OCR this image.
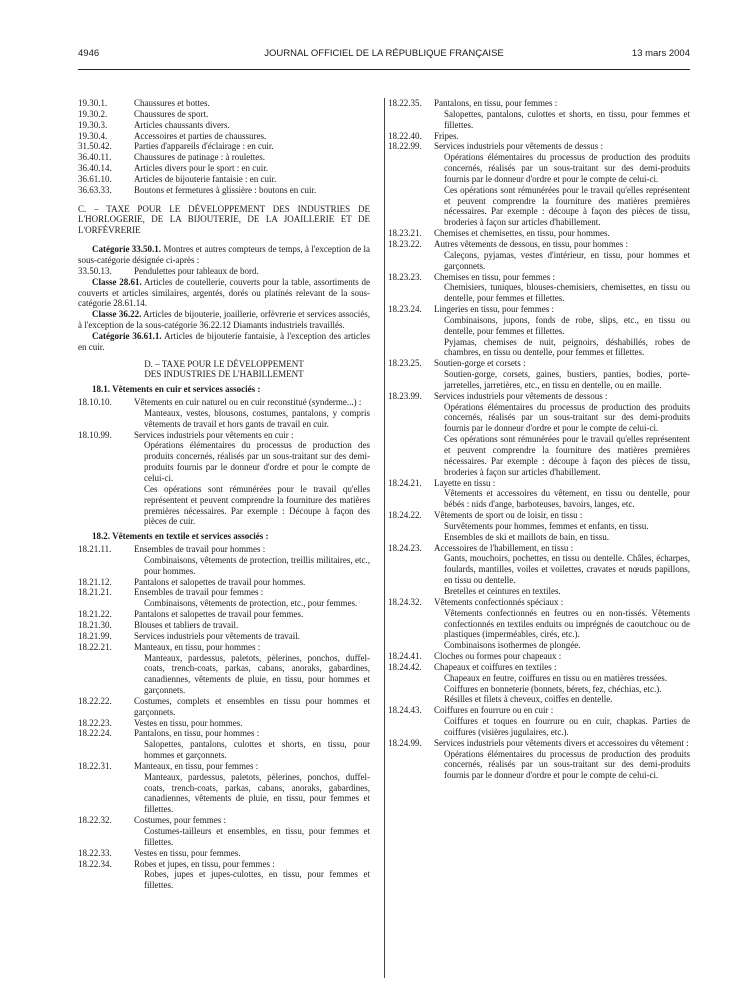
4946	JOURNAL OFFICIEL DE LA RÉPUBLIQUE FRANÇAISE	13 mars 2004
19.30.1.	Chaussures et bottes.
19.30.2.	Chaussures de sport.
19.30.3.	Articles chaussants divers.
19.30.4.	Accessoires et parties de chaussures.
31.50.42.	Parties d'appareils d'éclairage : en cuir.
36.40.11.	Chaussures de patinage : à roulettes.
36.40.14.	Articles divers pour le sport : en cuir.
36.61.10.	Articles de bijouterie fantaisie : en cuir.
36.63.33.	Boutons et fermetures à glissière : boutons en cuir.
C. – TAXE POUR LE DÉVELOPPEMENT DES INDUSTRIES DE L'HORLOGERIE, DE LA BIJOUTERIE, DE LA JOAILLERIE ET DE L'ORFÈVRERIE
Catégorie 33.50.1. Montres et autres compteurs de temps, à l'exception de la sous-catégorie désignée ci-après :
33.50.13.	Pendulettes pour tableaux de bord.
Classe 28.61. Articles de coutellerie, couverts pour la table, assortiments de couverts et articles similaires, argentés, dorés ou platinés relevant de la sous-catégorie 28.61.14.
Classe 36.22. Articles de bijouterie, joaillerie, orfèvrerie et services associés, à l'exception de la sous-catégorie 36.22.12 Diamants industriels travaillés.
Catégorie 36.61.1. Articles de bijouterie fantaisie, à l'exception des articles en cuir.
D. – TAXE POUR LE DÉVELOPPEMENT
DES INDUSTRIES DE L'HABILLEMENT
18.1. Vêtements en cuir et services associés :
18.10.10.	Vêtements en cuir naturel ou en cuir reconstitué (synderme...) :
Manteaux, vestes, blousons, costumes, pantalons, y compris vêtements de travail et hors gants de travail en cuir.
18.10.99.	Services industriels pour vêtements en cuir :
Opérations élémentaires du processus de production des produits concernés, réalisés par un sous-traitant sur des demi-produits fournis par le donneur d'ordre et pour le compte de celui-ci.
Ces opérations sont rémunérées pour le travail qu'elles représentent et peuvent comprendre la fourniture des matières premières nécessaires. Par exemple : Découpe à façon des pièces de cuir.
18.2. Vêtements en textile et services associés :
18.21.11.	Ensembles de travail pour hommes :
Combinaisons, vêtements de protection, treillis militaires, etc., pour hommes.
18.21.12.	Pantalons et salopettes de travail pour hommes.
18.21.21.	Ensembles de travail pour femmes :
Combinaisons, vêtements de protection, etc., pour femmes.
18.21.22.	Pantalons et salopettes de travail pour femmes.
18.21.30.	Blouses et tabliers de travail.
18.21.99.	Services industriels pour vêtements de travail.
18.22.21.	Manteaux, en tissu, pour hommes :
Manteaux, pardessus, paletots, pèlerines, ponchos, duffel-coats, trench-coats, parkas, cabans, anoraks, gabardines, canadiennes, vêtements de pluie, en tissu, pour hommes et garçonnets.
18.22.22.	Costumes, complets et ensembles en tissu pour hommes et garçonnets.
18.22.23.	Vestes en tissu, pour hommes.
18.22.24.	Pantalons, en tissu, pour hommes :
Salopettes, pantalons, culottes et shorts, en tissu, pour hommes et garçonnets.
18.22.31.	Manteaux, en tissu, pour femmes :
Manteaux, pardessus, paletots, pèlerines, ponchos, duffel-coats, trench-coats, parkas, cabans, anoraks, gabardines, canadiennes, vêtements de pluie, en tissu, pour femmes et fillettes.
18.22.32.	Costumes, pour femmes :
Costumes-tailleurs et ensembles, en tissu, pour femmes et fillettes.
18.22.33.	Vestes en tissu, pour femmes.
18.22.34.	Robes et jupes, en tissu, pour femmes :
Robes, jupes et jupes-culottes, en tissu, pour femmes et fillettes.
18.22.35.	Pantalons, en tissu, pour femmes :
Salopettes, pantalons, culottes et shorts, en tissu, pour femmes et fillettes.
18.22.40.	Fripes.
18.22.99.	Services industriels pour vêtements de dessus :
Opérations élémentaires du processus de production des produits concernés, réalisés par un sous-traitant sur des demi-produits fournis par le donneur d'ordre et pour le compte de celui-ci.
Ces opérations sont rémunérées pour le travail qu'elles représentent et peuvent comprendre la fourniture des matières premières nécessaires. Par exemple : découpe à façon des pièces de tissu, broderies à façon sur articles d'habillement.
18.23.21.	Chemises et chemisettes, en tissu, pour hommes.
18.23.22.	Autres vêtements de dessous, en tissu, pour hommes :
Caleçons, pyjamas, vestes d'intérieur, en tissu, pour hommes et garçonnets.
18.23.23.	Chemises en tissu, pour femmes :
Chemisiers, tuniques, blouses-chemisiers, chemisettes, en tissu ou dentelle, pour femmes et fillettes.
18.23.24.	Lingeries en tissu, pour femmes :
Combinaisons, jupons, fonds de robe, slips, etc., en tissu ou dentelle, pour femmes et fillettes.
Pyjamas, chemises de nuit, peignoirs, déshabillés, robes de chambres, en tissu ou dentelle, pour femmes et fillettes.
18.23.25.	Soutien-gorge et corsets :
Soutien-gorge, corsets, gaines, bustiers, panties, bodies, porte-jarretelles, jarretières, etc., en tissu en dentelle, ou en maille.
18.23.99.	Services industriels pour vêtements de dessous :
Opérations élémentaires du processus de production des produits concernés, réalisés par un sous-traitant sur des demi-produits fournis par le donneur d'ordre et pour le compte de celui-ci.
Ces opérations sont rémunérées pour le travail qu'elles représentent et peuvent comprendre la fourniture des matières premières nécessaires. Par exemple : découpe à façon des pièces de tissu, broderies à façon sur articles d'habillement.
18.24.21.	Layette en tissu :
Vêtements et accessoires du vêtement, en tissu ou dentelle, pour bébés : nids d'ange, barboteuses, bavoirs, langes, etc.
18.24.22.	Vêtements de sport ou de loisir, en tissu :
Survêtements pour hommes, femmes et enfants, en tissu.
Ensembles de ski et maillots de bain, en tissu.
18.24.23.	Accessoires de l'habillement, en tissu :
Gants, mouchoirs, pochettes, en tissu ou dentelle. Châles, écharpes, foulards, mantilles, voiles et voilettes, cravates et nœuds papillons, en tissu ou dentelle.
Bretelles et ceintures en textiles.
18.24.32.	Vêtements confectionnés spéciaux :
Vêtements confectionnés en feutres ou en non-tissés. Vêtements confectionnés en textiles enduits ou imprégnés de caoutchouc ou de plastiques (imperméables, cirés, etc.).
Combinaisons isothermes de plongée.
18.24.41.	Cloches ou formes pour chapeaux :
18.24.42.	Chapeaux et coiffures en textiles :
Chapeaux en feutre, coiffures en tissu ou en matières tressées.
Coiffures en bonneterie (bonnets, bérets, fez, chéchias, etc.).
Résilles et filets à cheveux, coiffes en dentelle.
18.24.43.	Coiffures en fourrure ou en cuir :
Coiffures et toques en fourrure ou en cuir, chapkas. Parties de coiffures (visières jugulaires, etc.).
18.24.99.	Services industriels pour vêtements divers et accessoires du vêtement :
Opérations élémentaires du processus de production des produits concernés, réalisés par un sous-traitant sur des demi-produits fournis par le donneur d'ordre et pour le compte de celui-ci.
